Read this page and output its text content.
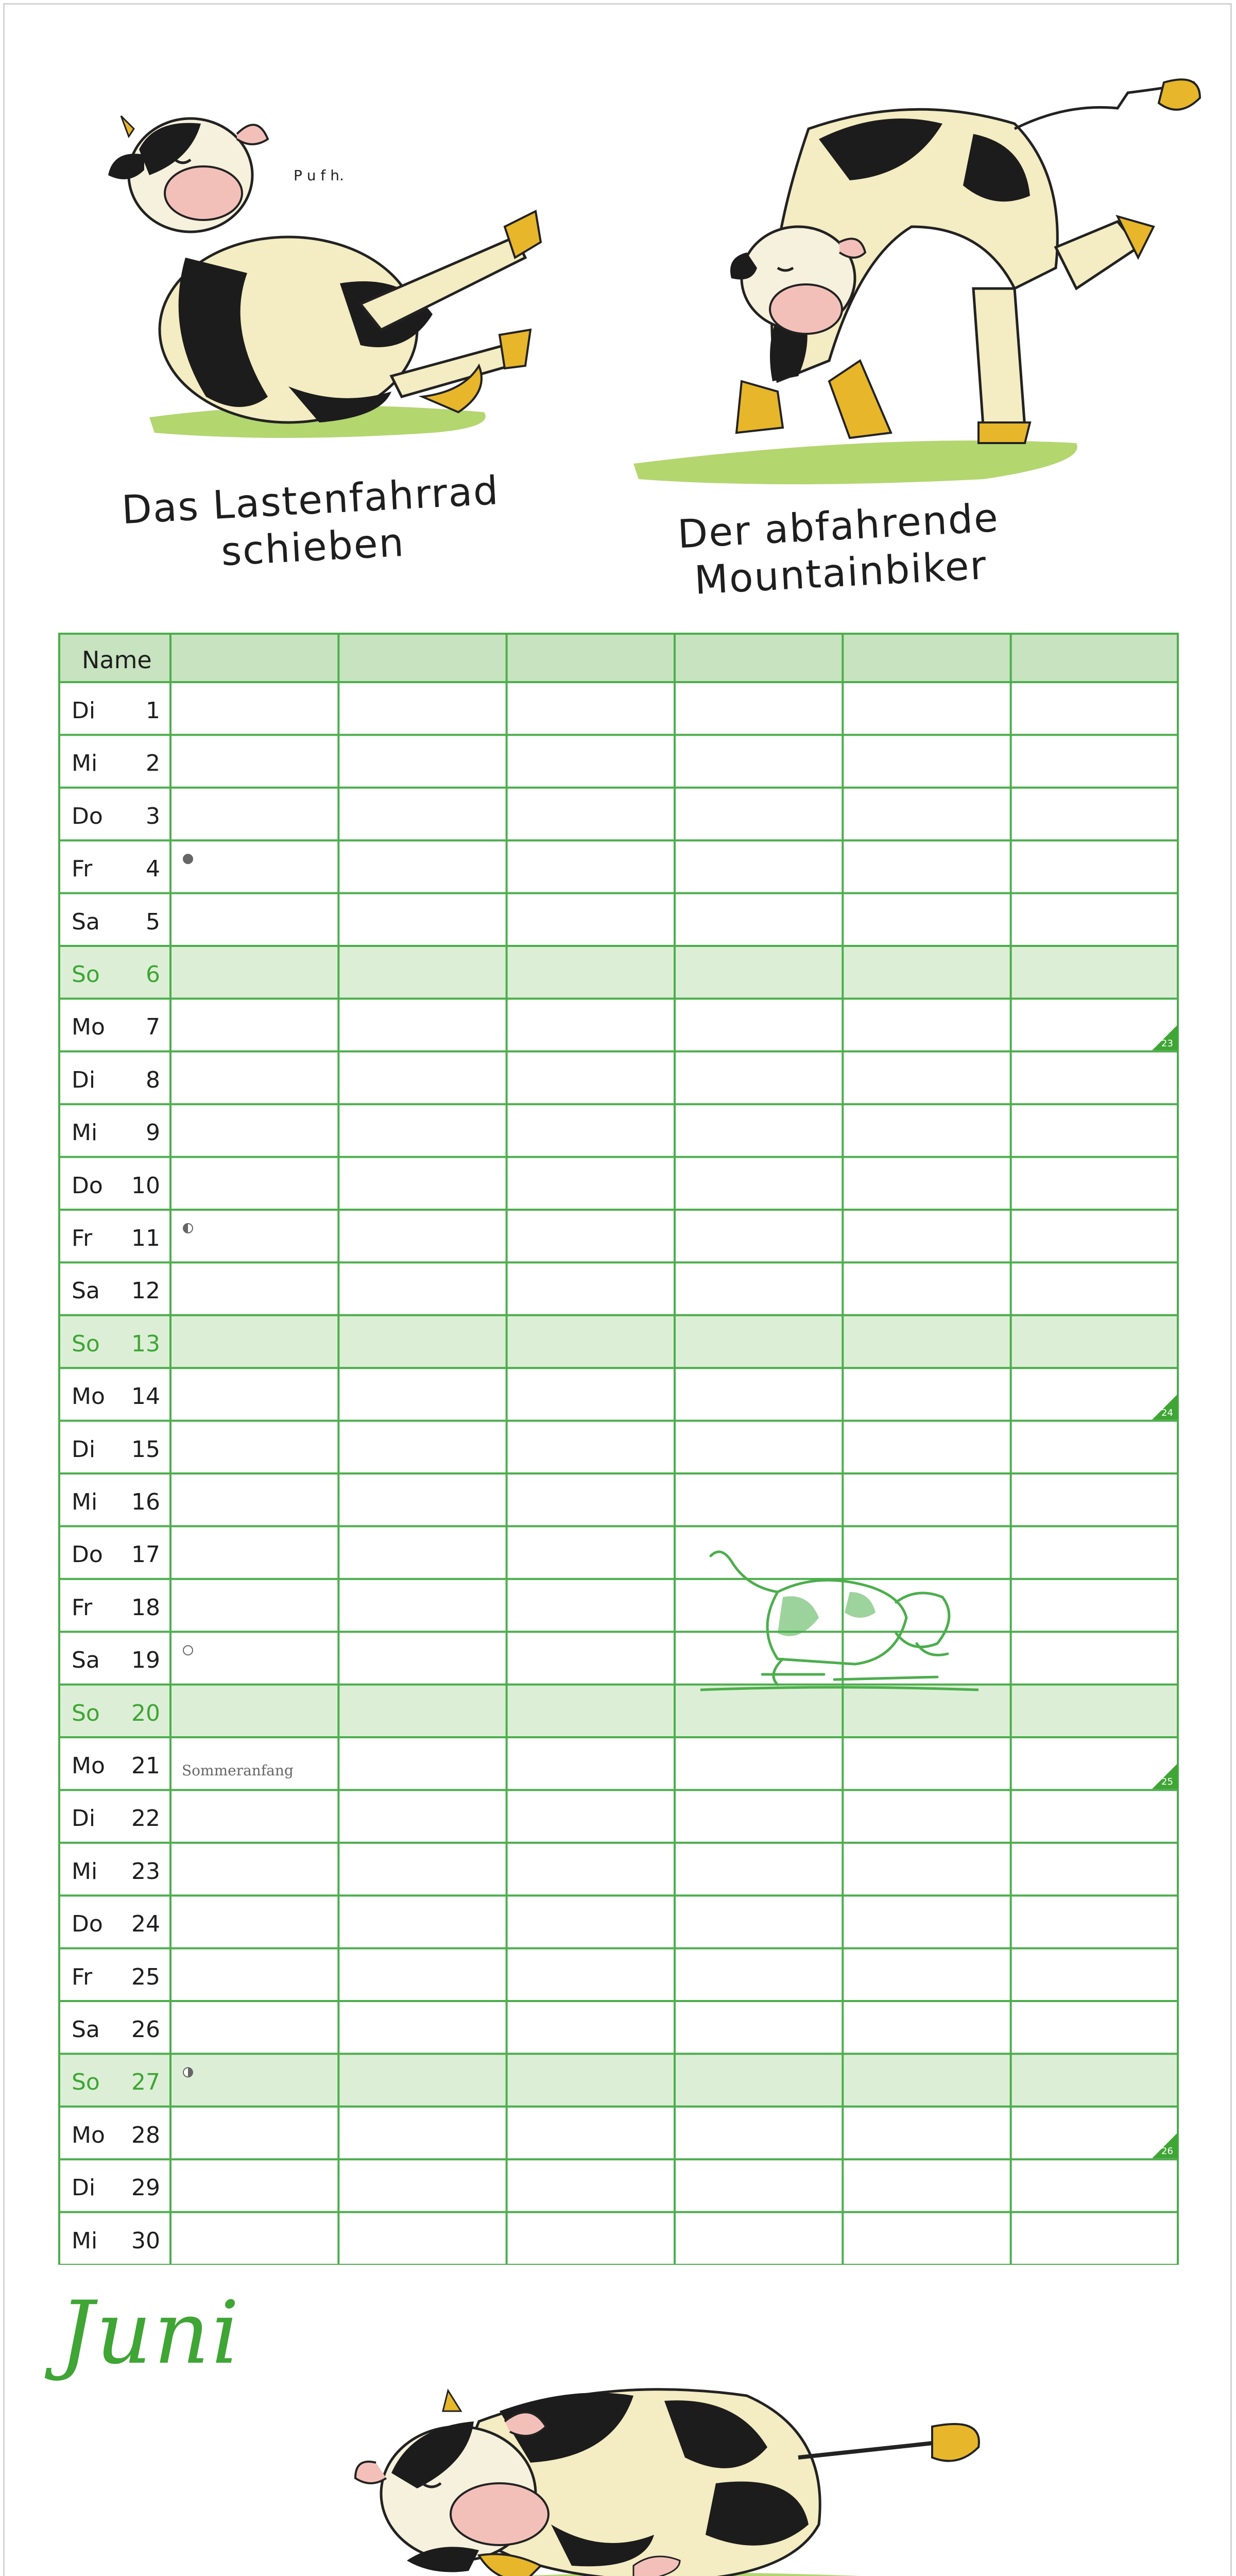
P u f h.
Das Lastenfahrrad
schieben	Der abfahrende
Mountainbiker
Name
Di	1
Mi	2
Do	3
Fr	4
Sa	5
So	6
Mo	7
23
Di	8
Mi	9
Do	10
Fr	11
Sa	12
So	13
Mo	14
24
Di	15
Mi	16
Do	17
Fr	18
Sa	19
So	20
Mo	21 Sommeranfang
25
Di	22
Mi	23
Do	24
Fr	25
Sa	26
So	27
Mo	28
26
Di	29
Mi	30
Juni
